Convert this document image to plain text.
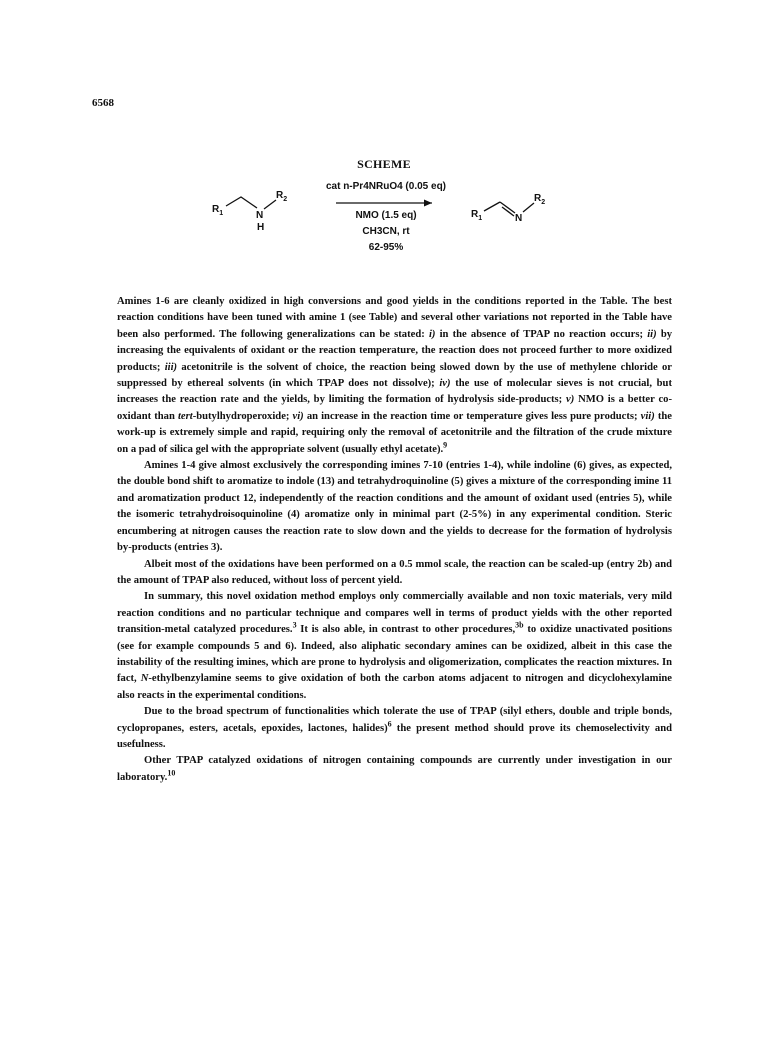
6568
SCHEME
$R_1$	N
$R_2$
H
cat n-Pr4NRuO4 (0.05 eq)
NMO (1.5 eq)
CH3CN, rt
62-95%
$R_1$	N
$R_2$

Amines 1-6 are cleanly oxidized in high conversions and good yields in the conditions reported in the Table. The best reaction conditions have been tuned with amine 1 (see Table) and several other variations not reported in the Table have been also performed. The following generalizations can be stated: i) in the absence of TPAP no reaction occurs; ii) by increasing the equivalents of oxidant or the reaction temperature, the reaction does not proceed further to more oxidized products; iii) acetonitrile is the solvent of choice, the reaction being slowed down by the use of methylene chloride or suppressed by ethereal solvents (in which TPAP does not dissolve); iv) the use of molecular sieves is not crucial, but increases the reaction rate and the yields, by limiting the formation of hydrolysis side-products; v) NMO is a better co-oxidant than tert-butylhydroperoxide; vi) an increase in the reaction time or temperature gives less pure products; vii) the work-up is extremely simple and rapid, requiring only the removal of acetonitrile and the filtration of the crude mixture on a pad of silica gel with the appropriate solvent (usually ethyl acetate).$^9$

Amines 1-4 give almost exclusively the corresponding imines 7-10 (entries 1-4), while indoline (6) gives, as expected, the double bond shift to aromatize to indole (13) and tetrahydroquinoline (5) gives a mixture of the corresponding imine 11 and aromatization product 12, independently of the reaction conditions and the amount of oxidant used (entries 5), while the isomeric tetrahydroisoquinoline (4) aromatize only in minimal part (2-5%) in any experimental condition. Steric encumbering at nitrogen causes the reaction rate to slow down and the yields to decrease for the formation of hydrolysis by-products (entries 3).

Albeit most of the oxidations have been performed on a 0.5 mmol scale, the reaction can be scaled-up (entry 2b) and the amount of TPAP also reduced, without loss of percent yield.

In summary, this novel oxidation method employs only commercially available and non toxic materials, very mild reaction conditions and no particular technique and compares well in terms of product yields with the other reported transition-metal catalyzed procedures.$^3$ It is also able, in contrast to other procedures,$^{3b}$ to oxidize unactivated positions (see for example compounds 5 and 6). Indeed, also aliphatic secondary amines can be oxidized, albeit in this case the instability of the resulting imines, which are prone to hydrolysis and oligomerization, complicates the reaction mixtures. In fact, N-ethylbenzylamine seems to give oxidation of both the carbon atoms adjacent to nitrogen and dicyclohexylamine also reacts in the experimental conditions.

Due to the broad spectrum of functionalities which tolerate the use of TPAP (silyl ethers, double and triple bonds, cyclopropanes, esters, acetals, epoxides, lactones, halides)$^6$ the present method should prove its chemoselectivity and usefulness.

Other TPAP catalyzed oxidations of nitrogen containing compounds are currently under investigation in our laboratory.$^{10}$
